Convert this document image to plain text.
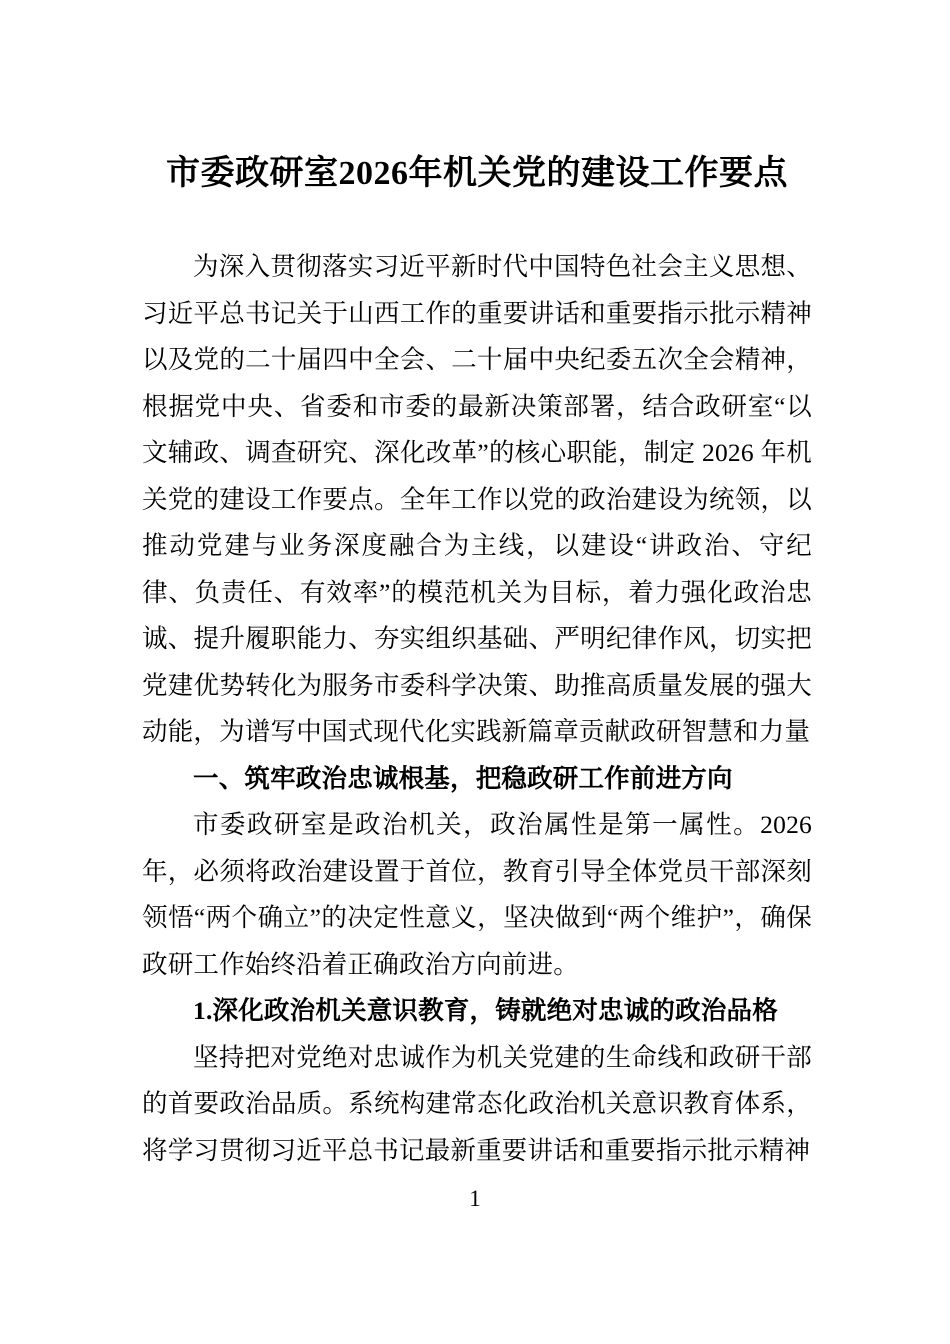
市委政研室2026年机关党的建设工作要点

为深入贯彻落实习近平新时代中国特色社会主义思想、习近平总书记关于山西工作的重要讲话和重要指示批示精神以及党的二十届四中全会、二十届中央纪委五次全会精神，根据党中央、省委和市委的最新决策部署，结合政研室“以文辅政、调查研究、深化改革”的核心职能，制定 2026 年机关党的建设工作要点。全年工作以党的政治建设为统领，以推动党建与业务深度融合为主线，以建设“讲政治、守纪律、负责任、有效率”的模范机关为目标，着力强化政治忠诚、提升履职能力、夯实组织基础、严明纪律作风，切实把党建优势转化为服务市委科学决策、助推高质量发展的强大动能，为谱写中国式现代化实践新篇章贡献政研智慧和力量

一、筑牢政治忠诚根基，把稳政研工作前进方向

市委政研室是政治机关，政治属性是第一属性。2026年，必须将政治建设置于首位，教育引导全体党员干部深刻领悟“两个确立”的决定性意义，坚决做到“两个维护”，确保政研工作始终沿着正确政治方向前进。

1.深化政治机关意识教育，铸就绝对忠诚的政治品格

坚持把对党绝对忠诚作为机关党建的生命线和政研干部的首要政治品质。系统构建常态化政治机关意识教育体系，将学习贯彻习近平总书记最新重要讲话和重要指示批示精神

1
